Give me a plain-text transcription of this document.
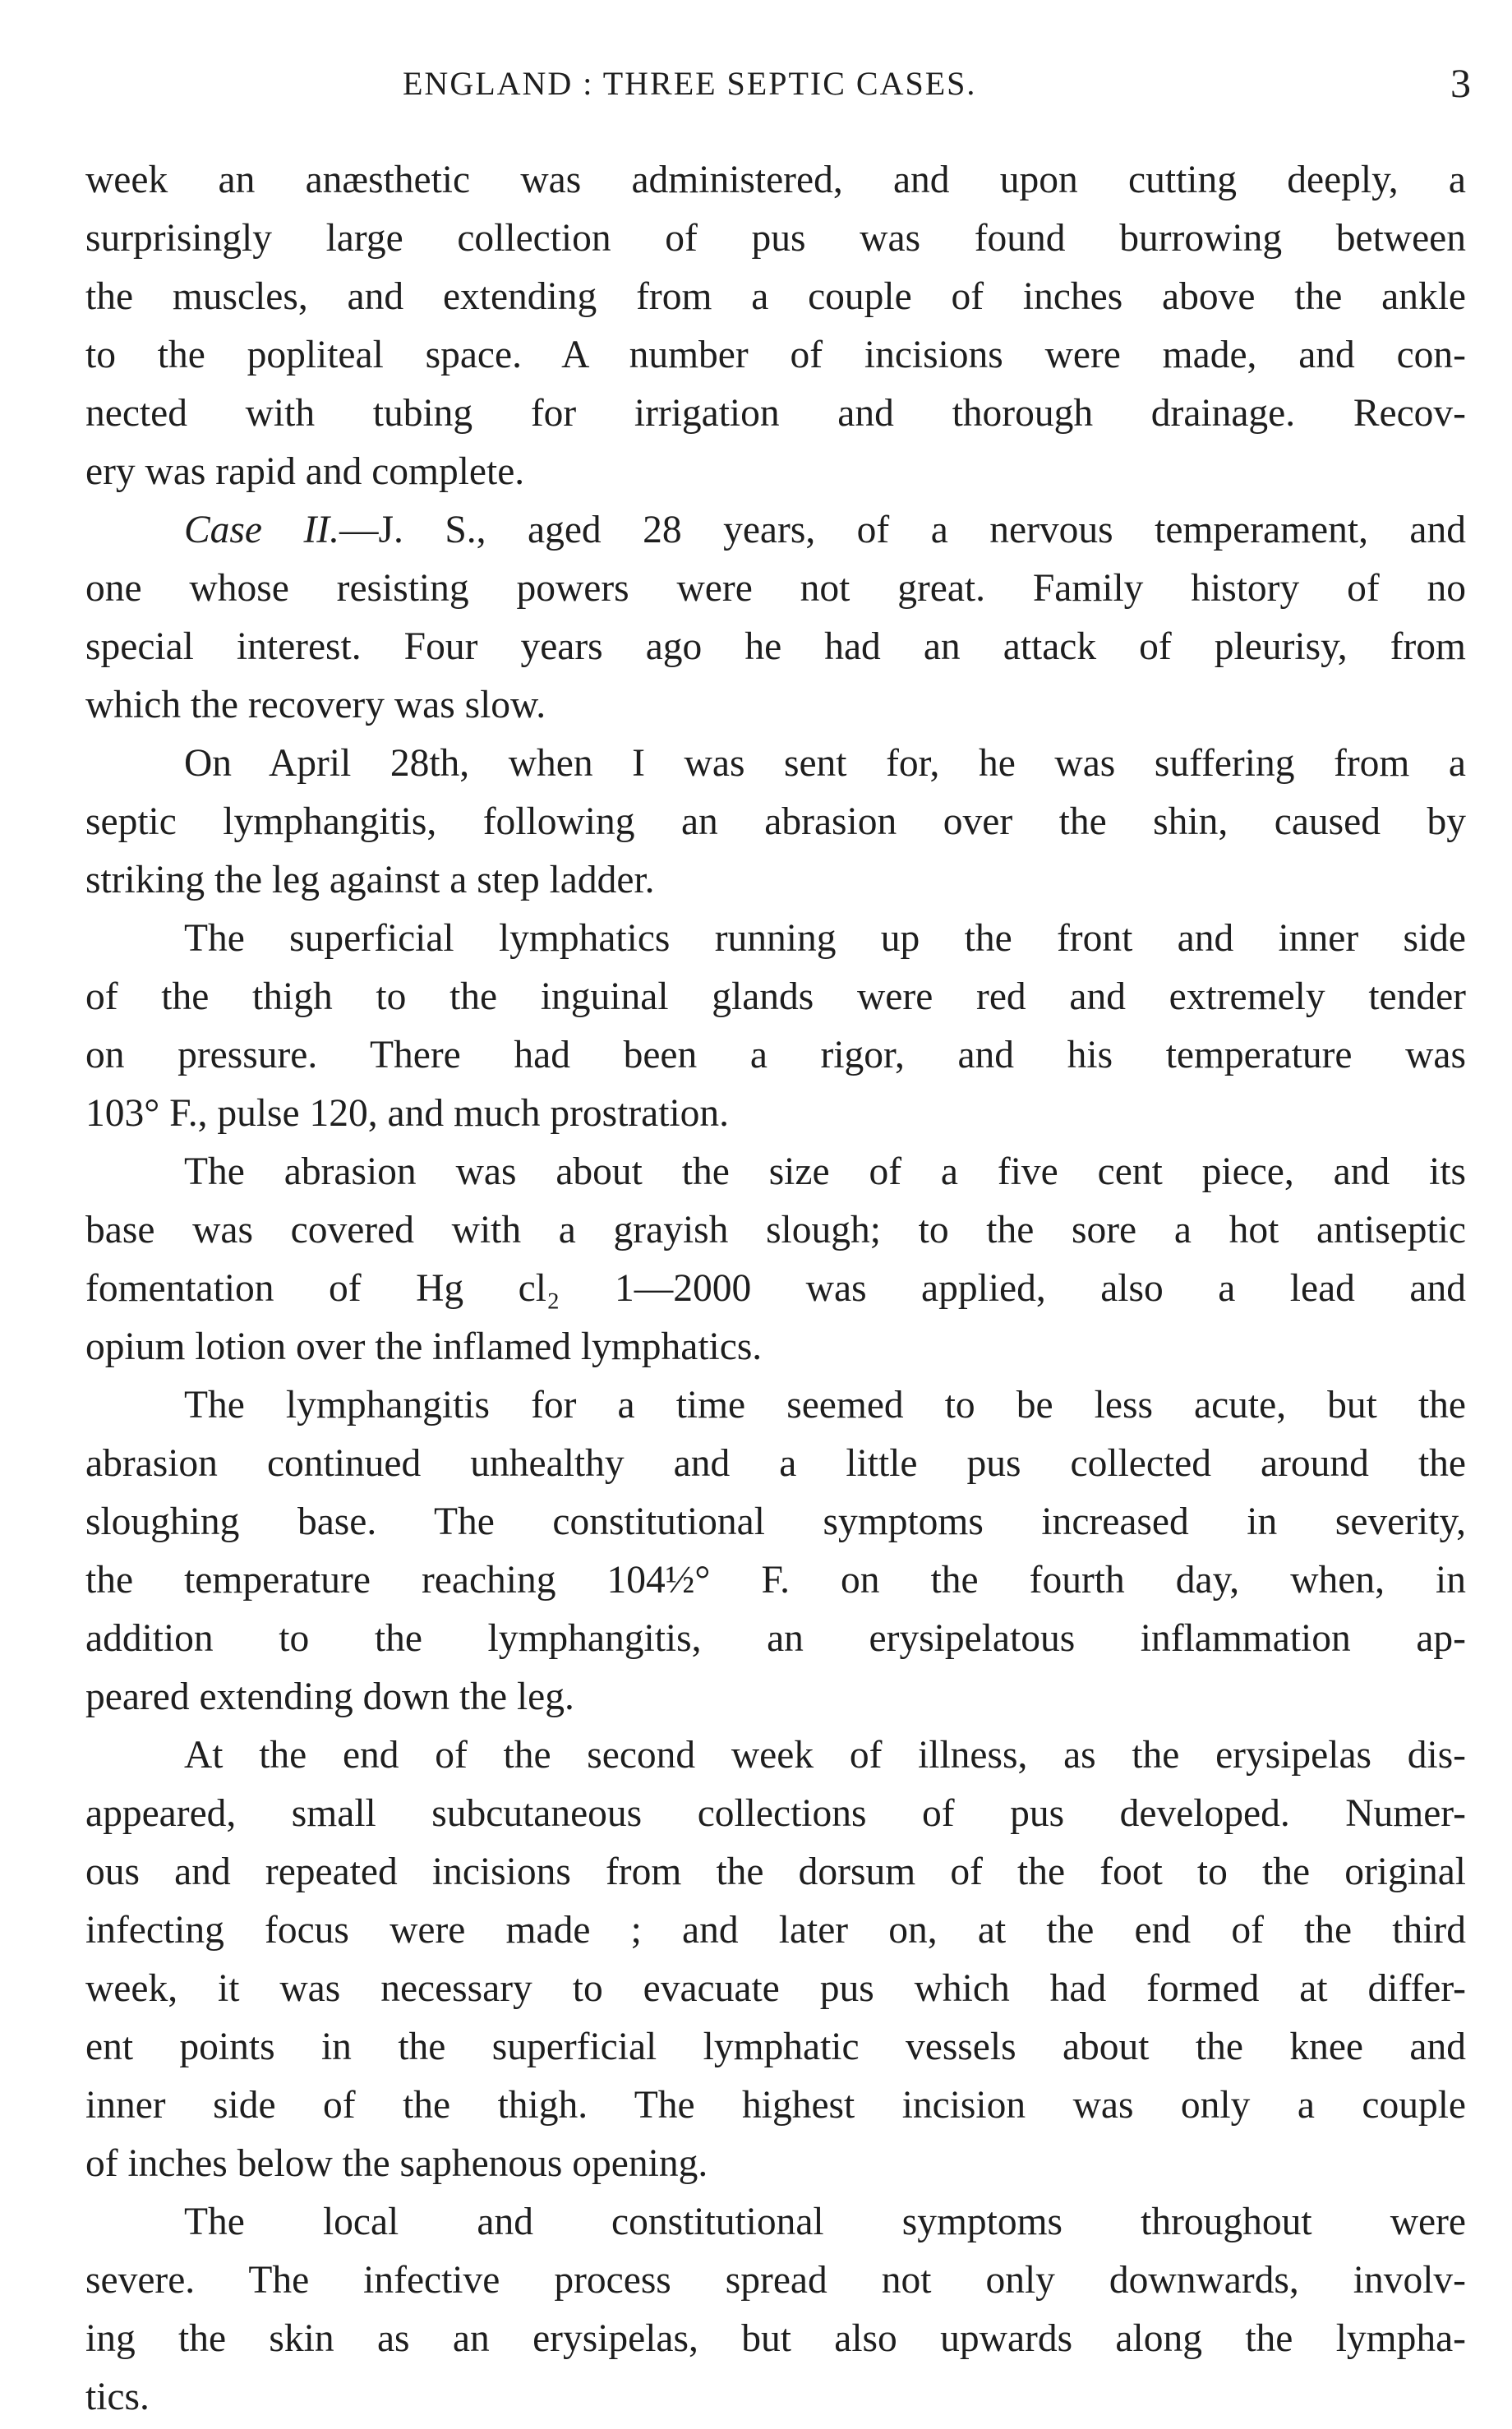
ENGLAND : THREE SEPTIC CASES.	3
week an anæsthetic was administered, and upon cutting deeply, a
surprisingly large collection of pus was found burrowing between
the muscles, and extending from a couple of inches above the ankle
to the popliteal space. A number of incisions were made, and con-
nected with tubing for irrigation and thorough drainage. Recov-
ery was rapid and complete.
Case II.—J. S., aged 28 years, of a nervous temperament, and
one whose resisting powers were not great. Family history of no
special interest. Four years ago he had an attack of pleurisy, from
which the recovery was slow.
On April 28th, when I was sent for, he was suffering from a
septic lymphangitis, following an abrasion over the shin, caused by
striking the leg against a step ladder.
The superficial lymphatics running up the front and inner side
of the thigh to the inguinal glands were red and extremely tender
on pressure. There had been a rigor, and his temperature was
103° F., pulse 120, and much prostration.
The abrasion was about the size of a five cent piece, and its
base was covered with a grayish slough; to the sore a hot antiseptic
fomentation of Hg cl₂ 1—2000 was applied, also a lead and
opium lotion over the inflamed lymphatics.
The lymphangitis for a time seemed to be less acute, but the
abrasion continued unhealthy and a little pus collected around the
sloughing base. The constitutional symptoms increased in severity,
the temperature reaching 104½° F. on the fourth day, when, in
addition to the lymphangitis, an erysipelatous inflammation ap-
peared extending down the leg.
At the end of the second week of illness, as the erysipelas dis-
appeared, small subcutaneous collections of pus developed. Numer-
ous and repeated incisions from the dorsum of the foot to the original
infecting focus were made ; and later on, at the end of the third
week, it was necessary to evacuate pus which had formed at differ-
ent points in the superficial lymphatic vessels about the knee and
inner side of the thigh. The highest incision was only a couple
of inches below the saphenous opening.
The local and constitutional symptoms throughout were
severe. The infective process spread not only downwards, involv-
ing the skin as an erysipelas, but also upwards along the lympha-
tics.
